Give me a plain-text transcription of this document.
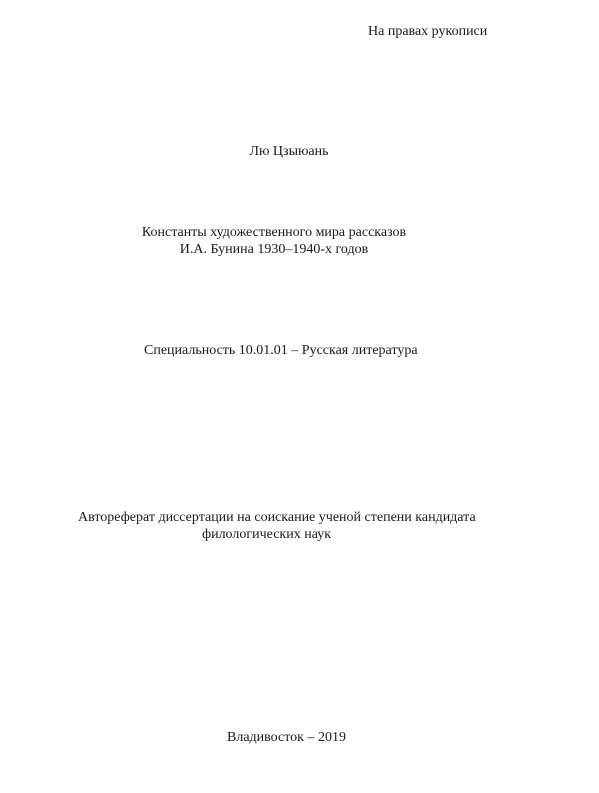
На правах рукописи
Лю Цзыюань
Константы художественного мира рассказов
И.А. Бунина 1930–1940-х годов
Специальность 10.01.01 – Русская литература
Автореферат диссертации на соискание ученой степени кандидата
филологических наук
Владивосток – 2019
